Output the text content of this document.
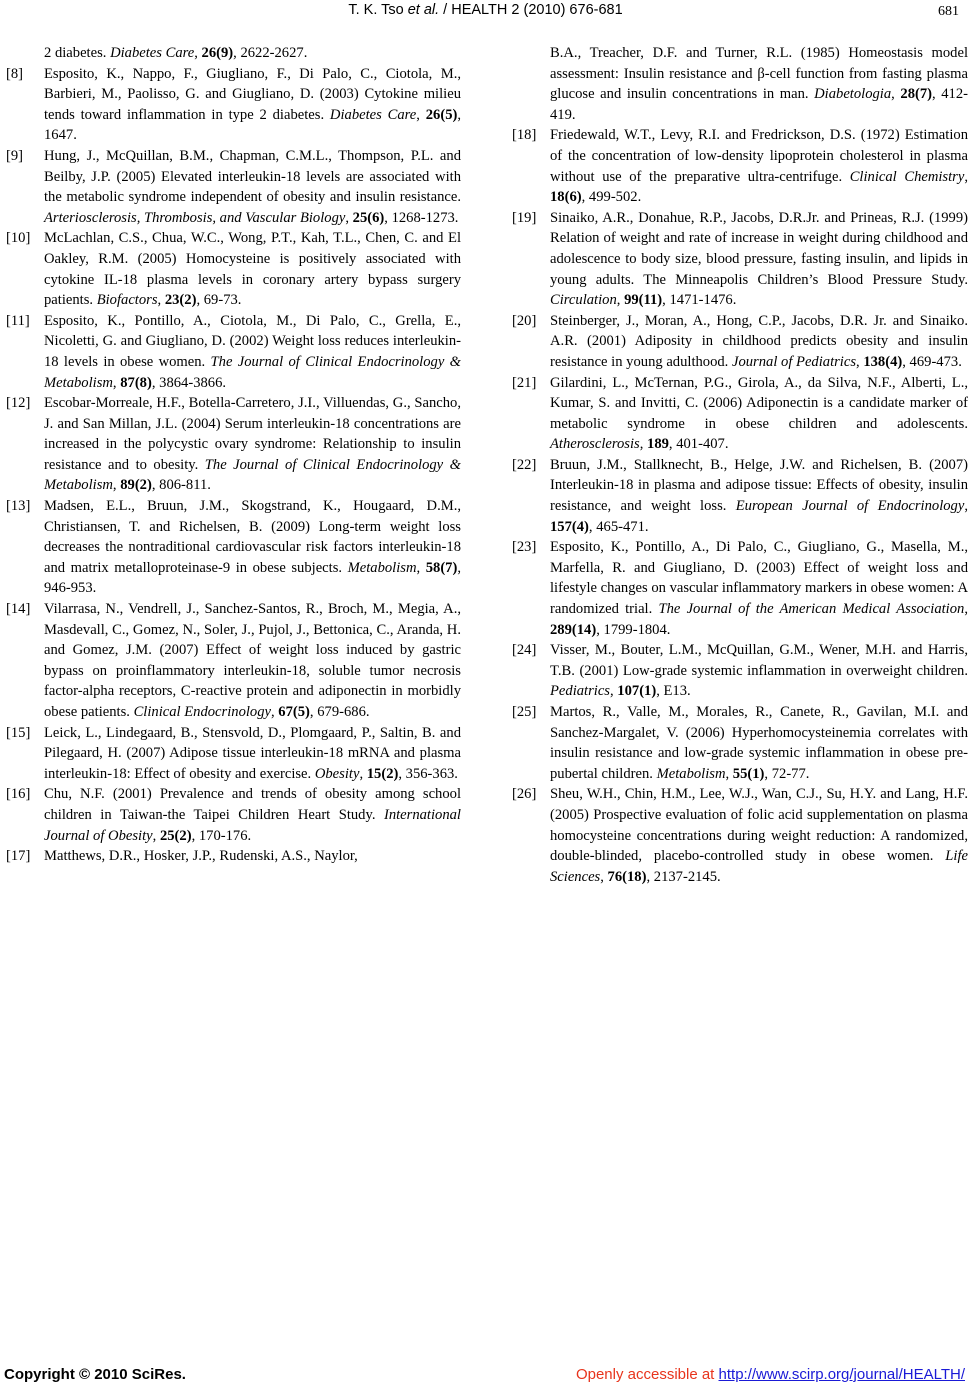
T. K. Tso et al. / HEALTH 2 (2010) 676-681	681

2 diabetes. Diabetes Care, 26(9), 2622-2627.

[8] Esposito, K., Nappo, F., Giugliano, F., Di Palo, C., Ciotola, M., Barbieri, M., Paolisso, G. and Giugliano, D. (2003) Cytokine milieu tends toward inflammation in type 2 diabetes. Diabetes Care, 26(5), 1647.

[9] Hung, J., McQuillan, B.M., Chapman, C.M.L., Thompson, P.L. and Beilby, J.P. (2005) Elevated interleukin-18 levels are associated with the metabolic syndrome independent of obesity and insulin resistance. Arteriosclerosis, Thrombosis, and Vascular Biology, 25(6), 1268-1273.

[10] McLachlan, C.S., Chua, W.C., Wong, P.T., Kah, T.L., Chen, C. and El Oakley, R.M. (2005) Homocysteine is positively associated with cytokine IL-18 plasma levels in coronary artery bypass surgery patients. Biofactors, 23(2), 69-73.

[11] Esposito, K., Pontillo, A., Ciotola, M., Di Palo, C., Grella, E., Nicoletti, G. and Giugliano, D. (2002) Weight loss reduces interleukin-18 levels in obese women. The Journal of Clinical Endocrinology & Metabolism, 87(8), 3864-3866.

[12] Escobar-Morreale, H.F., Botella-Carretero, J.I., Villuendas, G., Sancho, J. and San Millan, J.L. (2004) Serum interleukin-18 concentrations are increased in the polycystic ovary syndrome: Relationship to insulin resistance and to obesity. The Journal of Clinical Endocrinology & Metabolism, 89(2), 806-811.

[13] Madsen, E.L., Bruun, J.M., Skogstrand, K., Hougaard, D.M., Christiansen, T. and Richelsen, B. (2009) Long-term weight loss decreases the nontraditional cardiovascular risk factors interleukin-18 and matrix metalloproteinase-9 in obese subjects. Metabolism, 58(7), 946-953.

[14] Vilarrasa, N., Vendrell, J., Sanchez-Santos, R., Broch, M., Megia, A., Masdevall, C., Gomez, N., Soler, J., Pujol, J., Bettonica, C., Aranda, H. and Gomez, J.M. (2007) Effect of weight loss induced by gastric bypass on proinflammatory interleukin-18, soluble tumor necrosis factor-alpha receptors, C-reactive protein and adiponectin in morbidly obese patients. Clinical Endocrinology, 67(5), 679-686.

[15] Leick, L., Lindegaard, B., Stensvold, D., Plomgaard, P., Saltin, B. and Pilegaard, H. (2007) Adipose tissue interleukin-18 mRNA and plasma interleukin-18: Effect of obesity and exercise. Obesity, 15(2), 356-363.

[16] Chu, N.F. (2001) Prevalence and trends of obesity among school children in Taiwan-the Taipei Children Heart Study. International Journal of Obesity, 25(2), 170-176.

[17] Matthews, D.R., Hosker, J.P., Rudenski, A.S., Naylor,

B.A., Treacher, D.F. and Turner, R.L. (1985) Homeostasis model assessment: Insulin resistance and β-cell function from fasting plasma glucose and insulin concentrations in man. Diabetologia, 28(7), 412-419.

[18] Friedewald, W.T., Levy, R.I. and Fredrickson, D.S. (1972) Estimation of the concentration of low-density lipoprotein cholesterol in plasma without use of the preparative ultra-centrifuge. Clinical Chemistry, 18(6), 499-502.

[19] Sinaiko, A.R., Donahue, R.P., Jacobs, D.R.Jr. and Prineas, R.J. (1999) Relation of weight and rate of increase in weight during childhood and adolescence to body size, blood pressure, fasting insulin, and lipids in young adults. The Minneapolis Children’s Blood Pressure Study. Circulation, 99(11), 1471-1476.

[20] Steinberger, J., Moran, A., Hong, C.P., Jacobs, D.R. Jr. and Sinaiko. A.R. (2001) Adiposity in childhood predicts obesity and insulin resistance in young adulthood. Journal of Pediatrics, 138(4), 469-473.

[21] Gilardini, L., McTernan, P.G., Girola, A., da Silva, N.F., Alberti, L., Kumar, S. and Invitti, C. (2006) Adiponectin is a candidate marker of metabolic syndrome in obese children and adolescents. Atherosclerosis, 189, 401-407.

[22] Bruun, J.M., Stallknecht, B., Helge, J.W. and Richelsen, B. (2007) Interleukin-18 in plasma and adipose tissue: Effects of obesity, insulin resistance, and weight loss. European Journal of Endocrinology, 157(4), 465-471.

[23] Esposito, K., Pontillo, A., Di Palo, C., Giugliano, G., Masella, M., Marfella, R. and Giugliano, D. (2003) Effect of weight loss and lifestyle changes on vascular inflammatory markers in obese women: A randomized trial. The Journal of the American Medical Association, 289(14), 1799-1804.

[24] Visser, M., Bouter, L.M., McQuillan, G.M., Wener, M.H. and Harris, T.B. (2001) Low-grade systemic inflammation in overweight children. Pediatrics, 107(1), E13.

[25] Martos, R., Valle, M., Morales, R., Canete, R., Gavilan, M.I. and Sanchez-Margalet, V. (2006) Hyperhomocysteinemia correlates with insulin resistance and low-grade systemic inflammation in obese pre-pubertal children. Metabolism, 55(1), 72-77.

[26] Sheu, W.H., Chin, H.M., Lee, W.J., Wan, C.J., Su, H.Y. and Lang, H.F. (2005) Prospective evaluation of folic acid supplementation on plasma homocysteine concentrations during weight reduction: A randomized, double-blinded, placebo-controlled study in obese women. Life Sciences, 76(18), 2137-2145.

Copyright © 2010 SciRes.	Openly accessible at http://www.scirp.org/journal/HEALTH/
